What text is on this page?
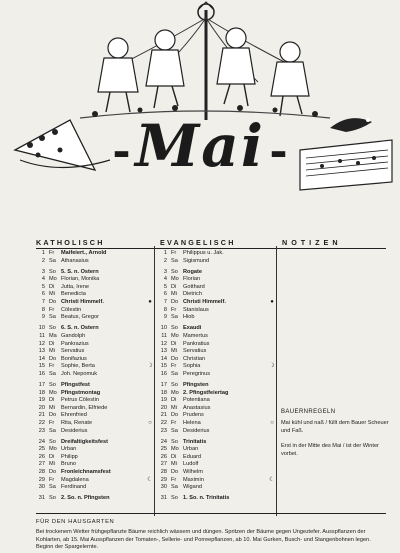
- Mai -
KATHOLISCH	EVANGELISCH	NOTIZEN
1 Fr	Maifeiert., Arnold
2 Sa Athanasius
3 So 5. S. n. Ostern
4 Mo Florian, Monika
5 Di	Jutta, Irene
6 Mi	Benedicta
7 Do Christi Himmelf.	●
8 Fr	Cölestin
9 Sa Beatus, Gregor
10 So 6. S. n. Ostern
11 Ma Gandolph
12 Di	Pankrazius
13 Mi	Servatius
14 Do Bonifazius
15 Fr	Sophie, Berta	☽
16 Sa Joh. Nepomuk
17 So Pfingstfest
18 Mo Pfingstmontag
19 Di	Petrus Cölestin
20 Mi	Bernardin, Elfriede
21 Do Ehrenfried
22 Fr	Rita, Renate	○
23 Sa Desiderius
24 So Dreifaltigkeitsfest
25 Mo Urban
26 Di	Philipp
27 Mi	Bruno
28 Do Fronleichnamsfest
29 Fr	Magdalena	☾
30 Sa Ferdinand
31 So 2. So. n. Pfingsten
1 Fr	Philippus u. Jak.
2 Sa Sigismund
3 So Rogate
4 Mo Florian
5 Di	Gotthard
6 Mi	Dietrich
7 Do Christi Himmelf.	●
8 Fr	Stanislaus
9 Sa Hiob
10 So Exaudi
11 Mo Mamertus
12 Di	Pankratius
13 Mi	Servatius
14 Do Christian
15 Fr	Sophia	☽
16 Sa Peregrinus
17 So Pfingsten
18 Mo 2. Pfingstfeiertag
19 Di	Potentiana
20 Mi	Anastasius
21 Do Prudens
22 Fr	Helena	○
23 Sa Desiderius
24 So Trinitatis
25 Mo Urban
26 Di	Eduard
27 Mi	Ludolf
28 Do Wilhelm
29 Fr	Maximin	☾
30 Sa Wigand
31 So 1. So. n. Trinitatis
BAUERNREGELN

Mai kühl und naß / füllt dem Bauer Scheuer und Faß.

Erst in der Mitte des Mai / ist der Winter vorbei.

FÜR DEN HAUSGARTEN
Bei trockenem Wetter frühgepflanzte Bäume reichlich wässern und düngen. Spritzen der Bäume gegen Ungeziefer. Ausspflanzen der Kohlarten, ab 15. Mai Ausspflanzen der Tomaten-, Sellerie- und Porreepflanzen, ab 10. Mai Gurken, Busch- und Stangenbohnen legen. Beginn der Spargelernte.
